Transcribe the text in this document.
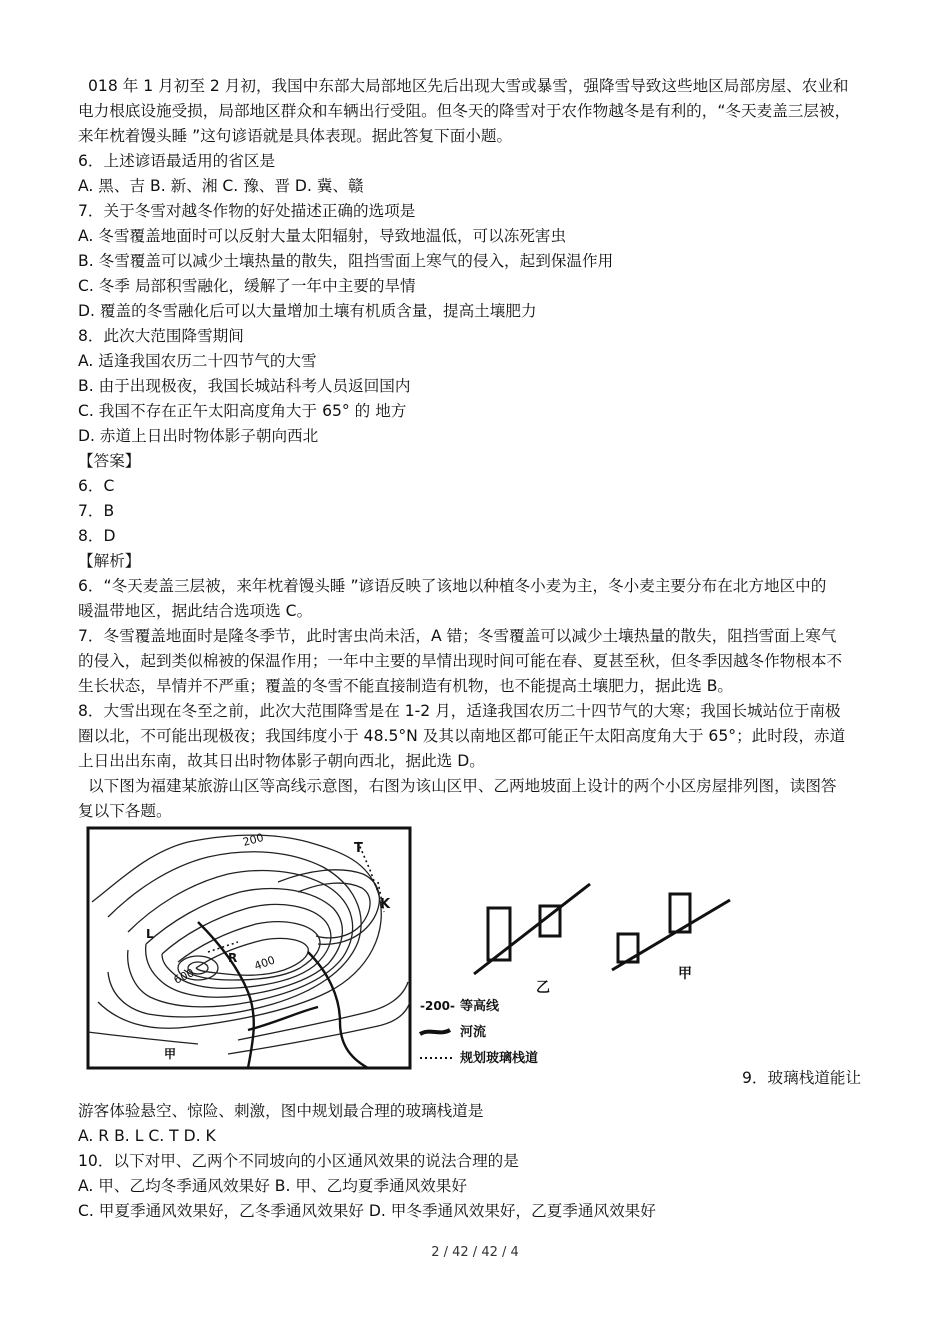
018 年 1 月初至 2 月初，我国中东部大局部地区先后出现大雪或暴雪，强降雪导致这些地区局部房屋、农业和
电力根底设施受损，局部地区群众和车辆出行受阻。但冬天的降雪对于农作物越冬是有利的，“冬天麦盖三层被，
来年枕着馒头睡 ”这句谚语就是具体表现。据此答复下面小题。
6．上述谚语最适用的省区是
A. 黑、吉 B. 新、湘 C. 豫、晋 D. 冀、赣
7．关于冬雪对越冬作物的好处描述正确的选项是
A. 冬雪覆盖地面时可以反射大量太阳辐射，导致地温低，可以冻死害虫
B. 冬雪覆盖可以减少土壤热量的散失，阻挡雪面上寒气的侵入，起到保温作用
C. 冬季 局部积雪融化，缓解了一年中主要的旱情
D. 覆盖的冬雪融化后可以大量增加土壤有机质含量，提高土壤肥力
8．此次大范围降雪期间
A. 适逢我国农历二十四节气的大雪
B. 由于出现极夜，我国长城站科考人员返回国内
C. 我国不存在正午太阳高度角大于 65° 的 地方
D. 赤道上日出时物体影子朝向西北
【答案】
6．C
7．B
8．D
【解析】
6．“冬天麦盖三层被，来年枕着馒头睡 ”谚语反映了该地以种植冬小麦为主，冬小麦主要分布在北方地区中的
暖温带地区，据此结合选项选 C。
7．冬雪覆盖地面时是隆冬季节，此时害虫尚未活，A 错；冬雪覆盖可以减少土壤热量的散失，阻挡雪面上寒气
的侵入，起到类似棉被的保温作用；一年中主要的旱情出现时间可能在春、夏甚至秋，但冬季因越冬作物根本不
生长状态，旱情并不严重；覆盖的冬雪不能直接制造有机物，也不能提高土壤肥力，据此选 B。
8．大雪出现在冬至之前，此次大范围降雪是在 1-2 月，适逢我国农历二十四节气的大寒；我国长城站位于南极
圈以北，不可能出现极夜；我国纬度小于 48.5°N 及其以南地区都可能正午太阳高度角大于 65°；此时段，赤道
上日出出东南，故其日出时物体影子朝向西北，据此选 D。
以下图为福建某旅游山区等高线示意图，右图为该山区甲、乙两地坡面上设计的两个小区房屋排列图，读图答
复以下各题。
200
400
600
R
T
L
K
甲
乙
甲
-200- 等高线
河流
规划玻璃栈道
9．玻璃栈道能让
游客体验悬空、惊险、刺激，图中规划最合理的玻璃栈道是
A. R B. L C. T D. K
10．以下对甲、乙两个不同坡向的小区通风效果的说法合理的是
A. 甲、乙均冬季通风效果好 B. 甲、乙均夏季通风效果好
C. 甲夏季通风效果好，乙冬季通风效果好 D. 甲冬季通风效果好，乙夏季通风效果好
2 / 42 / 42 / 4
